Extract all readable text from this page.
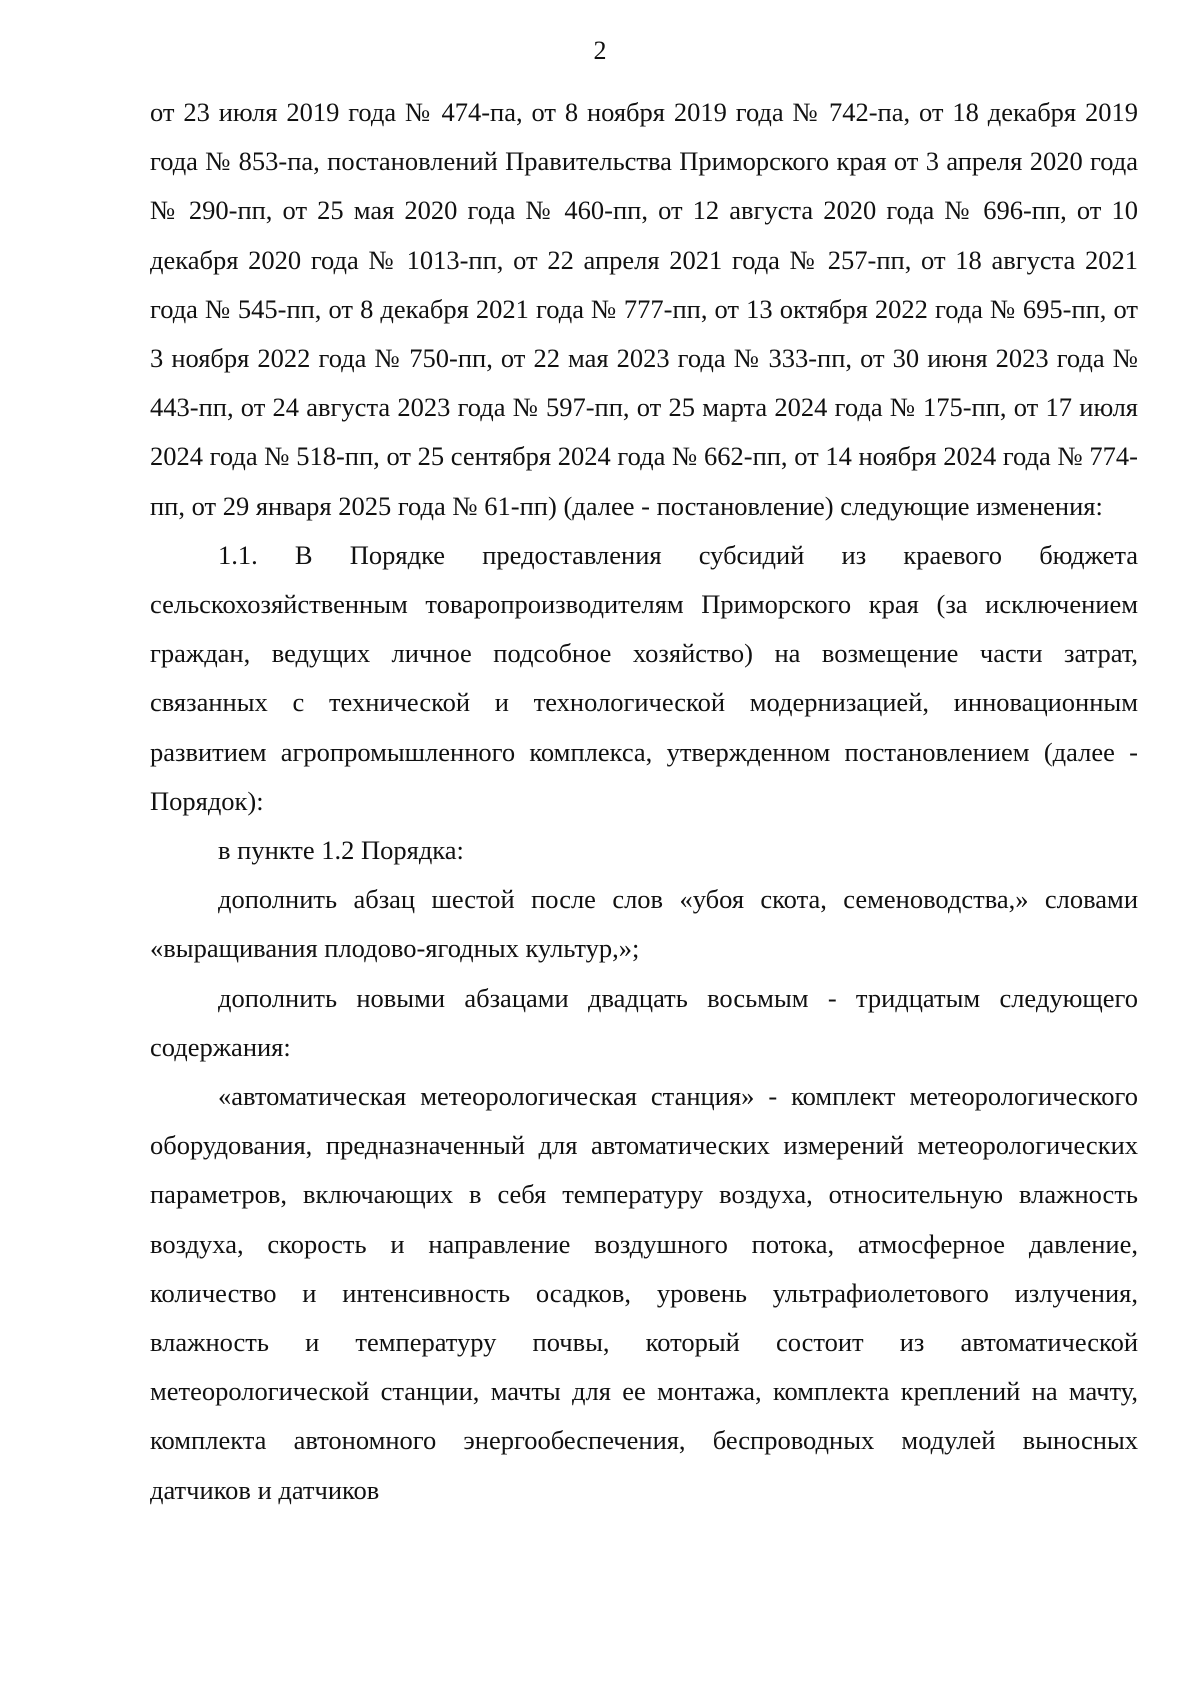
2

от 23 июля 2019 года № 474-па, от 8 ноября 2019 года № 742-па, от 18 декабря 2019 года № 853-па, постановлений Правительства Приморского края от 3 апреля 2020 года № 290-пп, от 25 мая 2020 года № 460-пп, от 12 августа 2020 года № 696-пп, от 10 декабря 2020 года № 1013-пп, от 22 апреля 2021 года № 257-пп, от 18 августа 2021 года № 545-пп, от 8 декабря 2021 года № 777-пп, от 13 октября 2022 года № 695-пп, от 3 ноября 2022 года № 750-пп, от 22 мая 2023 года № 333-пп, от 30 июня 2023 года № 443-пп, от 24 августа 2023 года № 597-пп, от 25 марта 2024 года № 175-пп, от 17 июля 2024 года № 518-пп, от 25 сентября 2024 года № 662-пп, от 14 ноября 2024 года № 774-пп, от 29 января 2025 года № 61-пп) (далее - постановление) следующие изменения:

1.1. В Порядке предоставления субсидий из краевого бюджета сельскохозяйственным товаропроизводителям Приморского края (за исключением граждан, ведущих личное подсобное хозяйство) на возмещение части затрат, связанных с технической и технологической модернизацией, инновационным развитием агропромышленного комплекса, утвержденном постановлением (далее - Порядок):

в пункте 1.2 Порядка:

дополнить абзац шестой после слов «убоя скота, семеноводства,» словами «выращивания плодово-ягодных культур,»;

дополнить новыми абзацами двадцать восьмым - тридцатым следующего содержания:

«автоматическая метеорологическая станция» - комплект метеорологического оборудования, предназначенный для автоматических измерений метеорологических параметров, включающих в себя температуру воздуха, относительную влажность воздуха, скорость и направление воздушного потока, атмосферное давление, количество и интенсивность осадков, уровень ультрафиолетового излучения, влажность и температуру почвы, который состоит из автоматической метеорологической станции, мачты для ее монтажа, комплекта креплений на мачту, комплекта автономного энергообеспечения, беспроводных модулей выносных датчиков и датчиков
